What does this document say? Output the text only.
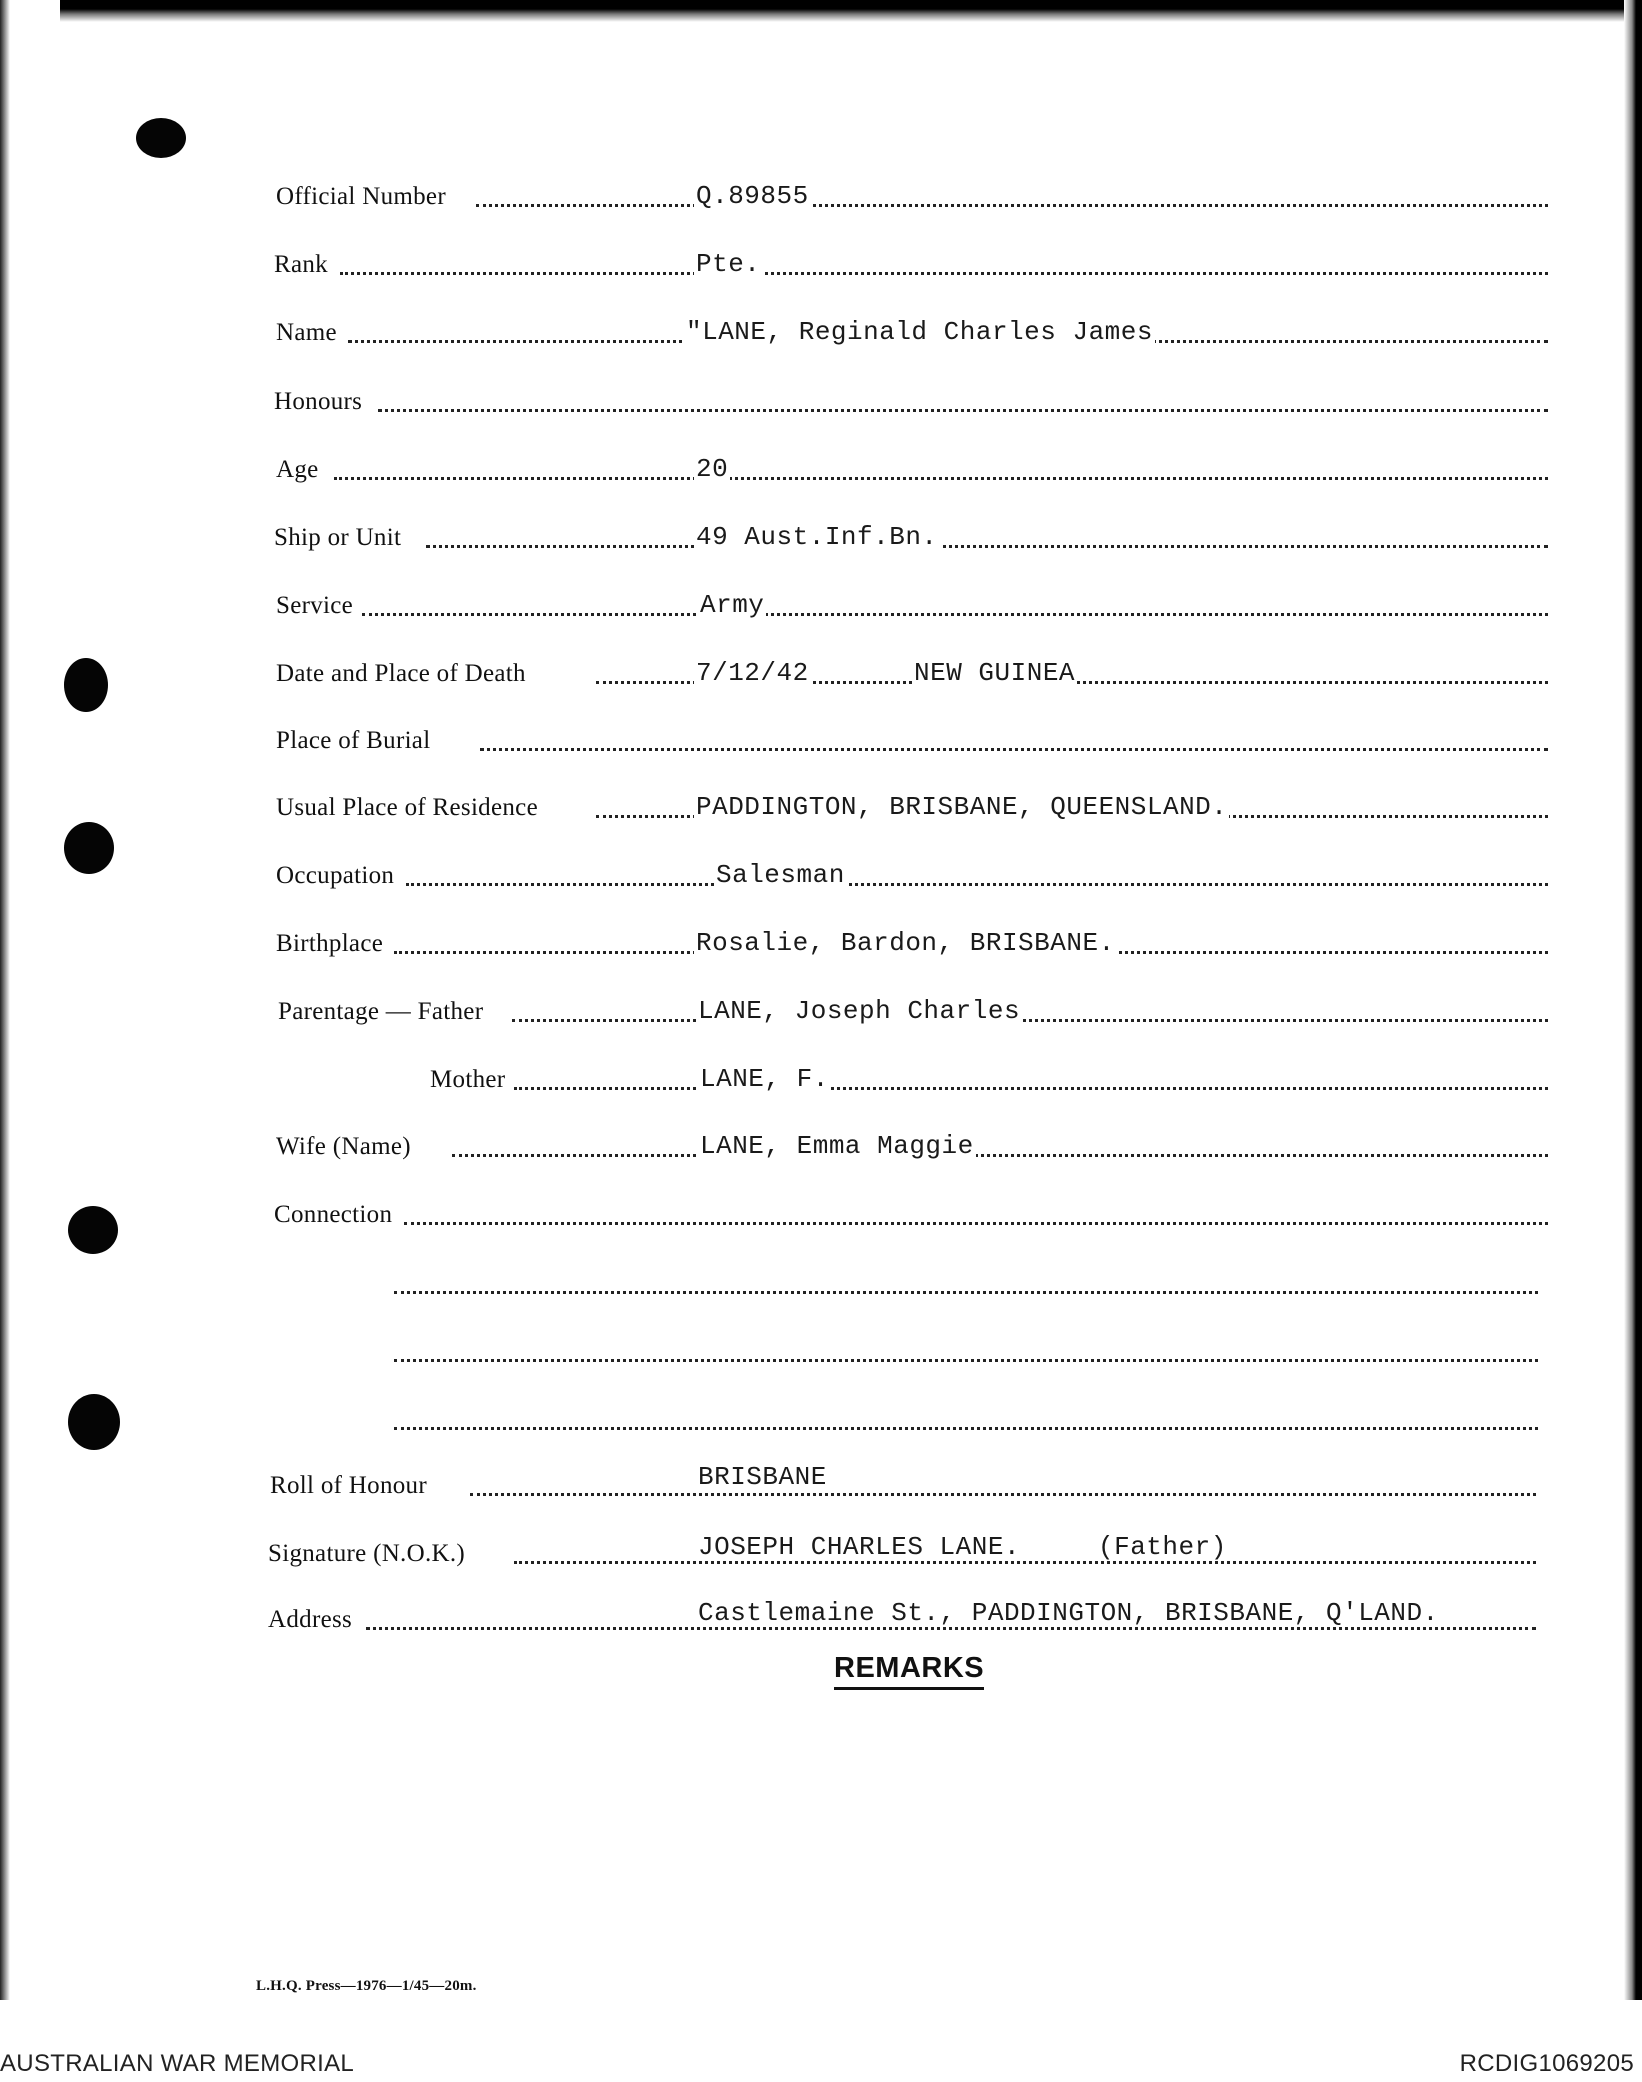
Official Number	Q.89855
Rank	Pte.
Name	"LANE, Reginald Charles James
Honours
Age	20
Ship or Unit	49 Aust.Inf.Bn.
Service	Army
Date and Place of Death	7/12/42	NEW GUINEA
Place of Burial
Usual Place of Residence	PADDINGTON, BRISBANE, QUEENSLAND.
Occupation	Salesman
Birthplace	Rosalie, Bardon, BRISBANE.
Parentage — Father	LANE, Joseph Charles
Mother	LANE, F.
Wife (Name)	LANE, Emma Maggie
Connection
Roll of Honour	BRISBANE
Signature (N.O.K.)	JOSEPH CHARLES LANE.	(Father)
Address	Castlemaine St., PADDINGTON, BRISBANE, Q'LAND.
REMARKS
L.H.Q. Press—1976—1/45—20m.
AUSTRALIAN WAR MEMORIAL	RCDIG1069205
